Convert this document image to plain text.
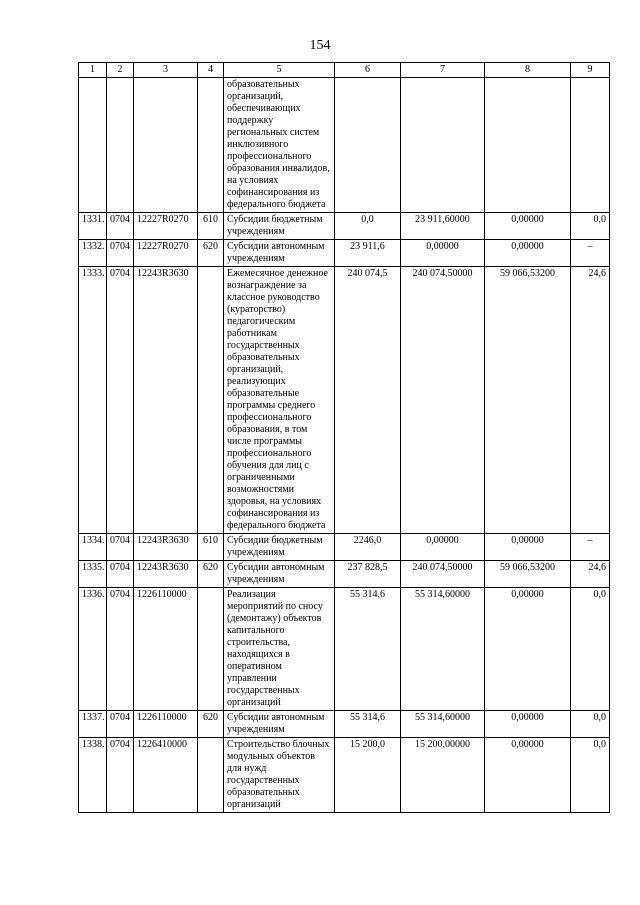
154
1	2	3	4	5	6	7	8	9
				образовательных организаций, обеспечивающих поддержку региональных систем инклюзивного профессионального образования инвалидов, на условиях софинансирования из федерального бюджета				
1331.	0704	12227R0270	610	Субсидии бюджетным учреждениям	0,0	23 911,60000	0,00000	0,0
1332.	0704	12227R0270	620	Субсидии автономным учреждениям	23 911,6	0,00000	0,00000	–
1333.	0704	12243R3630		Ежемесячное денежное вознаграждение за классное руководство (кураторство) педагогическим работникам государственных образовательных организаций, реализующих образовательные программы среднего профессионального образования, в том числе программы профессионального обучения для лиц с ограниченными возможностями здоровья, на условиях софинансирования из федерального бюджета	240 074,5	240 074,50000	59 066,53200	24,6
1334.	0704	12243R3630	610	Субсидии бюджетным учреждениям	2246,0	0,00000	0,00000	–
1335.	0704	12243R3630	620	Субсидии автономным учреждениям	237 828,5	240 074,50000	59 066,53200	24,6
1336.	0704	1226110000		Реализация мероприятий по сносу (демонтажу) объектов капитального строительства, находящихся в оперативном управлении государственных организаций	55 314,6	55 314,60000	0,00000	0,0
1337.	0704	1226110000	620	Субсидии автономным учреждениям	55 314,6	55 314,60000	0,00000	0,0
1338.	0704	1226410000		Строительство блочных модульных объектов для нужд государственных образовательных организаций	15 200,0	15 200,00000	0,00000	0,0
